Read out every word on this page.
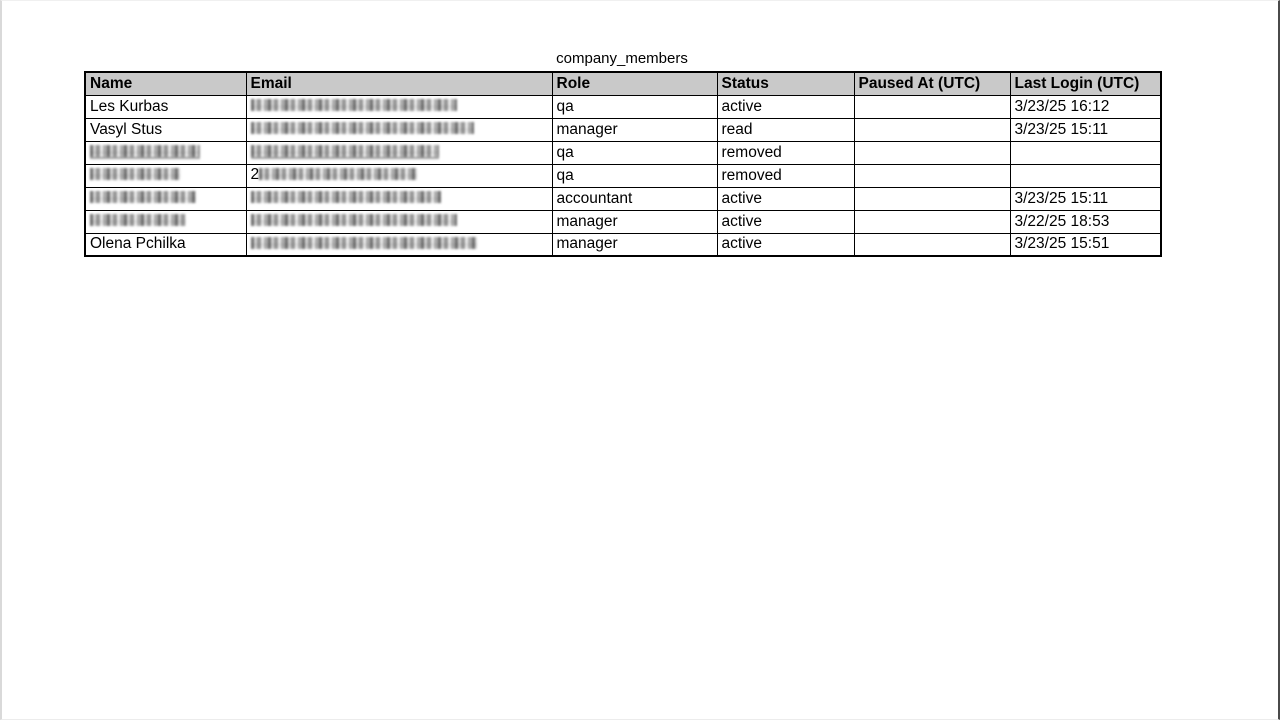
company_members
Name	Email	Role	Status	Paused At (UTC)	Last Login (UTC)
Les Kurbas		qa	active		3/23/25 16:12
Vasyl Stus		manager	read		3/23/25 15:11
		qa	removed		
	2	qa	removed		
		accountant	active		3/23/25 15:11
		manager	active		3/22/25 18:53
Olena Pchilka		manager	active		3/23/25 15:51
